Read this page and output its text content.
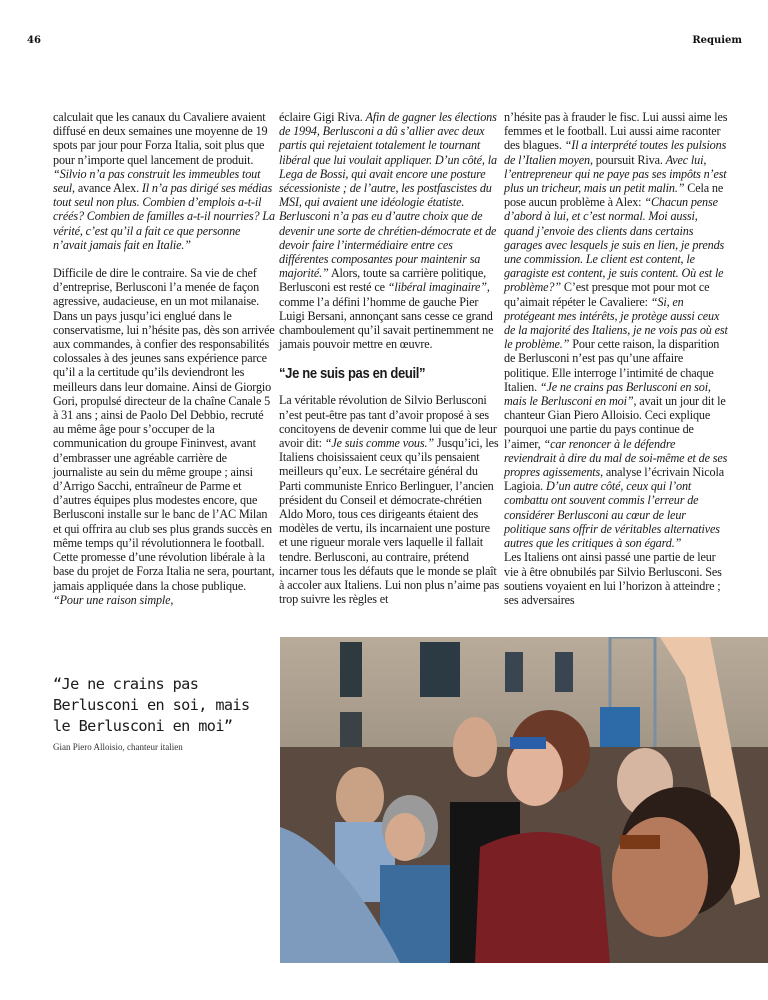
46	Requiem

calculait que les canaux du Cavaliere avaient diffusé en deux semaines une moyenne de 19 spots par jour pour Forza Italia, soit plus que pour n’importe quel lancement de produit. “Silvio n’a pas construit les immeubles tout seul, avance Alex. Il n’a pas dirigé ses médias tout seul non plus. Combien d’emplois a-t-il créés? Combien de familles a-t-il nourries? La vérité, c’est qu’il a fait ce que personne n’avait jamais fait en Italie.”

Difficile de dire le contraire. Sa vie de chef d’entreprise, Berlusconi l’a menée de façon agressive, audacieuse, en un mot milanaise. Dans un pays jusqu’ici englué dans le conservatisme, lui n’hésite pas, dès son arrivée aux commandes, à confier des responsabilités colossales à des jeunes sans expérience parce qu’il a la certitude qu’ils deviendront les meilleurs dans leur domaine. Ainsi de Giorgio Gori, propulsé directeur de la chaîne Canale 5 à 31 ans ; ainsi de Paolo Del Debbio, recruté au même âge pour s’occuper de la communication du groupe Fininvest, avant d’embrasser une agréable carrière de journaliste au sein du même groupe ; ainsi d’Arrigo Sacchi, entraîneur de Parme et d’autres équipes plus modestes encore, que Berlusconi installe sur le banc de l’AC Milan et qui offrira au club ses plus grands succès en même temps qu’il révolutionnera le football. Cette promesse d’une révolution libérale à la base du projet de Forza Italia ne sera, pourtant, jamais appliquée dans la chose publique. “Pour une raison simple,

éclaire Gigi Riva. Afin de gagner les élections de 1994, Berlusconi a dû s’allier avec deux partis qui rejetaient totalement le tournant libéral que lui voulait appliquer. D’un côté, la Lega de Bossi, qui avait encore une posture sécessioniste ; de l’autre, les postfascistes du MSI, qui avaient une idéologie étatiste. Berlusconi n’a pas eu d’autre choix que de devenir une sorte de chrétien-démocrate et de devoir faire l’intermédiaire entre ces différentes composantes pour maintenir sa majorité.” Alors, toute sa carrière politique, Berlusconi est resté ce “libéral imaginaire”, comme l’a défini l’homme de gauche Pier Luigi Bersani, annonçant sans cesse ce grand chamboulement qu’il savait pertinemment ne jamais pouvoir mettre en œuvre.

“Je ne suis pas en deuil”

La véritable révolution de Silvio Berlusconi n’est peut-être pas tant d’avoir proposé à ses concitoyens de devenir comme lui que de leur avoir dit: “Je suis comme vous.” Jusqu’ici, les Italiens choisissaient ceux qu’ils pensaient meilleurs qu’eux. Le secrétaire général du Parti communiste Enrico Berlinguer, l’ancien président du Conseil et démocrate-chrétien Aldo Moro, tous ces dirigeants étaient des modèles de vertu, ils incarnaient une posture et une rigueur morale vers laquelle il fallait tendre. Berlusconi, au contraire, prétend incarner tous les défauts que le monde se plaît à accoler aux Italiens. Lui non plus n’aime pas trop suivre les règles et

n’hésite pas à frauder le fisc. Lui aussi aime les femmes et le football. Lui aussi aime raconter des blagues. “Il a interprété toutes les pulsions de l’Italien moyen, poursuit Riva. Avec lui, l’entrepreneur qui ne paye pas ses impôts n’est plus un tricheur, mais un petit malin.” Cela ne pose aucun problème à Alex: “Chacun pense d’abord à lui, et c’est normal. Moi aussi, quand j’envoie des clients dans certains garages avec lesquels je suis en lien, je prends une commission. Le client est content, le garagiste est content, je suis content. Où est le problème?” C’est presque mot pour mot ce qu’aimait répéter le Cavaliere: “Si, en protégeant mes intérêts, je protège aussi ceux de la majorité des Italiens, je ne vois pas où est le problème.” Pour cette raison, la disparition de Berlusconi n’est pas qu’une affaire politique. Elle interroge l’intimité de chaque Italien. “Je ne crains pas Berlusconi en soi, mais le Berlusconi en moi”, avait un jour dit le chanteur Gian Piero Alloisio. Ceci explique pourquoi une partie du pays continue de l’aimer, “car renoncer à le défendre reviendrait à dire du mal de soi-même et de ses propres agissements, analyse l’écrivain Nicola Lagioia. D’un autre côté, ceux qui l’ont combattu ont souvent commis l’erreur de considérer Berlusconi au cœur de leur politique sans offrir de véritables alternatives autres que les critiques à son égard.”

Les Italiens ont ainsi passé une partie de leur vie à être obnubilés par Silvio Berlusconi. Ses soutiens voyaient en lui l’horizon à atteindre ; ses adversaires

“Je ne crains pas Berlusconi en soi, mais le Berlusconi en moi”
Gian Piero Alloisio, chanteur italien
